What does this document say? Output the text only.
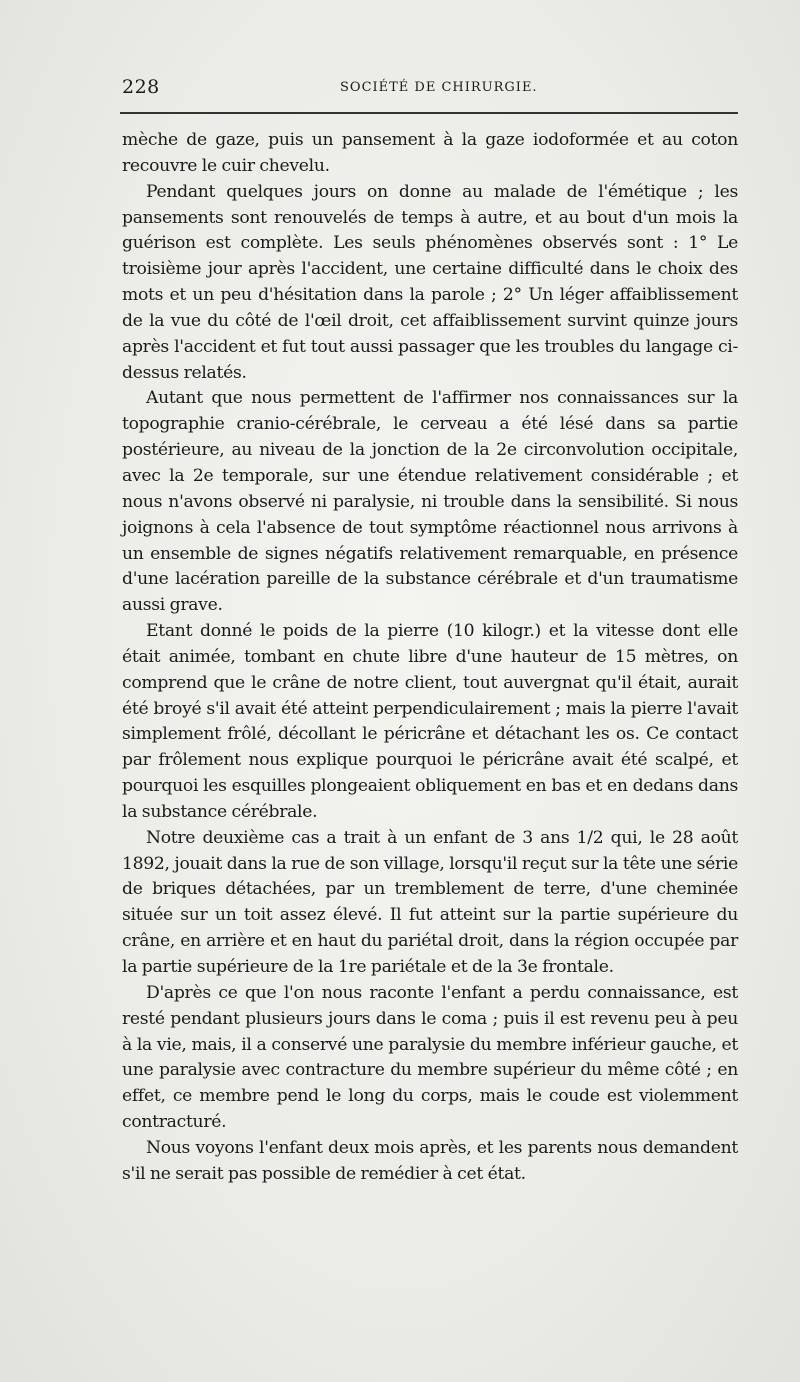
228	SOCIÉTÉ DE CHIRURGIE.

mèche de gaze, puis un pansement à la gaze iodoformée et au coton recouvre le cuir chevelu.

Pendant quelques jours on donne au malade de l'émétique ; les pansements sont renouvelés de temps à autre, et au bout d'un mois la guérison est complète. Les seuls phénomènes observés sont : 1° Le troisième jour après l'accident, une certaine difficulté dans le choix des mots et un peu d'hésitation dans la parole ; 2° Un léger affaiblissement de la vue du côté de l'œil droit, cet affaiblissement survint quinze jours après l'accident et fut tout aussi passager que les troubles du langage ci-dessus relatés.

Autant que nous permettent de l'affirmer nos connaissances sur la topographie cranio-cérébrale, le cerveau a été lésé dans sa partie postérieure, au niveau de la jonction de la 2e circonvolution occipitale, avec la 2e temporale, sur une étendue relativement considérable ; et nous n'avons observé ni paralysie, ni trouble dans la sensibilité. Si nous joignons à cela l'absence de tout symptôme réactionnel nous arrivons à un ensemble de signes négatifs relativement remarquable, en présence d'une lacération pareille de la substance cérébrale et d'un traumatisme aussi grave.

Etant donné le poids de la pierre (10 kilogr.) et la vitesse dont elle était animée, tombant en chute libre d'une hauteur de 15 mètres, on comprend que le crâne de notre client, tout auvergnat qu'il était, aurait été broyé s'il avait été atteint perpendiculairement ; mais la pierre l'avait simplement frôlé, décollant le péricrâne et détachant les os. Ce contact par frôlement nous explique pourquoi le péricrâne avait été scalpé, et pourquoi les esquilles plongeaient obliquement en bas et en dedans dans la substance cérébrale.

Notre deuxième cas a trait à un enfant de 3 ans 1/2 qui, le 28 août 1892, jouait dans la rue de son village, lorsqu'il reçut sur la tête une série de briques détachées, par un tremblement de terre, d'une cheminée située sur un toit assez élevé. Il fut atteint sur la partie supérieure du crâne, en arrière et en haut du pariétal droit, dans la région occupée par la partie supérieure de la 1re pariétale et de la 3e frontale.

D'après ce que l'on nous raconte l'enfant a perdu connaissance, est resté pendant plusieurs jours dans le coma ; puis il est revenu peu à peu à la vie, mais, il a conservé une paralysie du membre inférieur gauche, et une paralysie avec contracture du membre supérieur du même côté ; en effet, ce membre pend le long du corps, mais le coude est violemment contracturé.

Nous voyons l'enfant deux mois après, et les parents nous demandent s'il ne serait pas possible de remédier à cet état.
